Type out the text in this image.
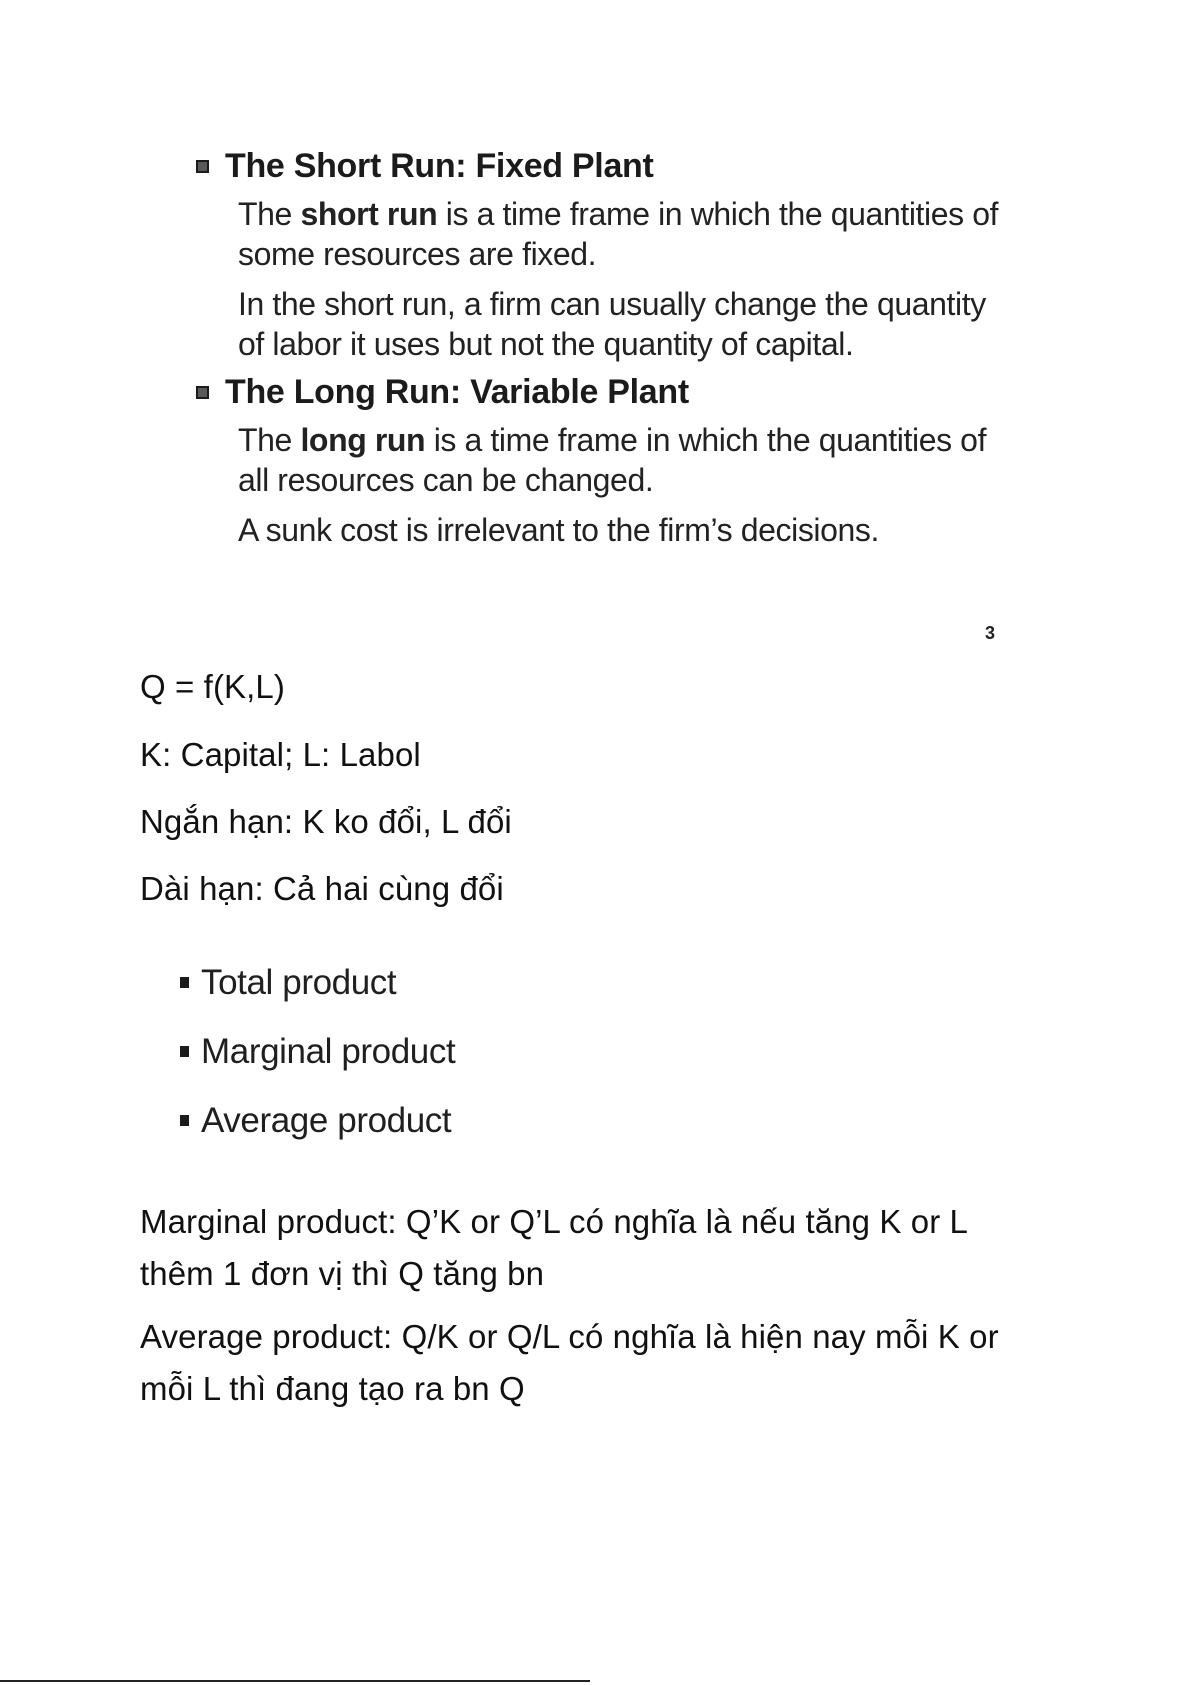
The Short Run: Fixed Plant
The short run is a time frame in which the quantities of some resources are fixed.
In the short run, a firm can usually change the quantity of labor it uses but not the quantity of capital.
The Long Run: Variable Plant
The long run is a time frame in which the quantities of all resources can be changed.
A sunk cost is irrelevant to the firm’s decisions.
3
Q = f(K,L)
K: Capital; L: Labol
Ngắn hạn: K ko đổi, L đổi
Dài hạn: Cả hai cùng đổi
Total product
Marginal product
Average product
Marginal product: Q’K or Q’L có nghĩa là nếu tăng K or L thêm 1 đơn vị thì Q tăng bn
Average product: Q/K or Q/L có nghĩa là hiện nay mỗi K or mỗi L thì đang tạo ra bn Q
